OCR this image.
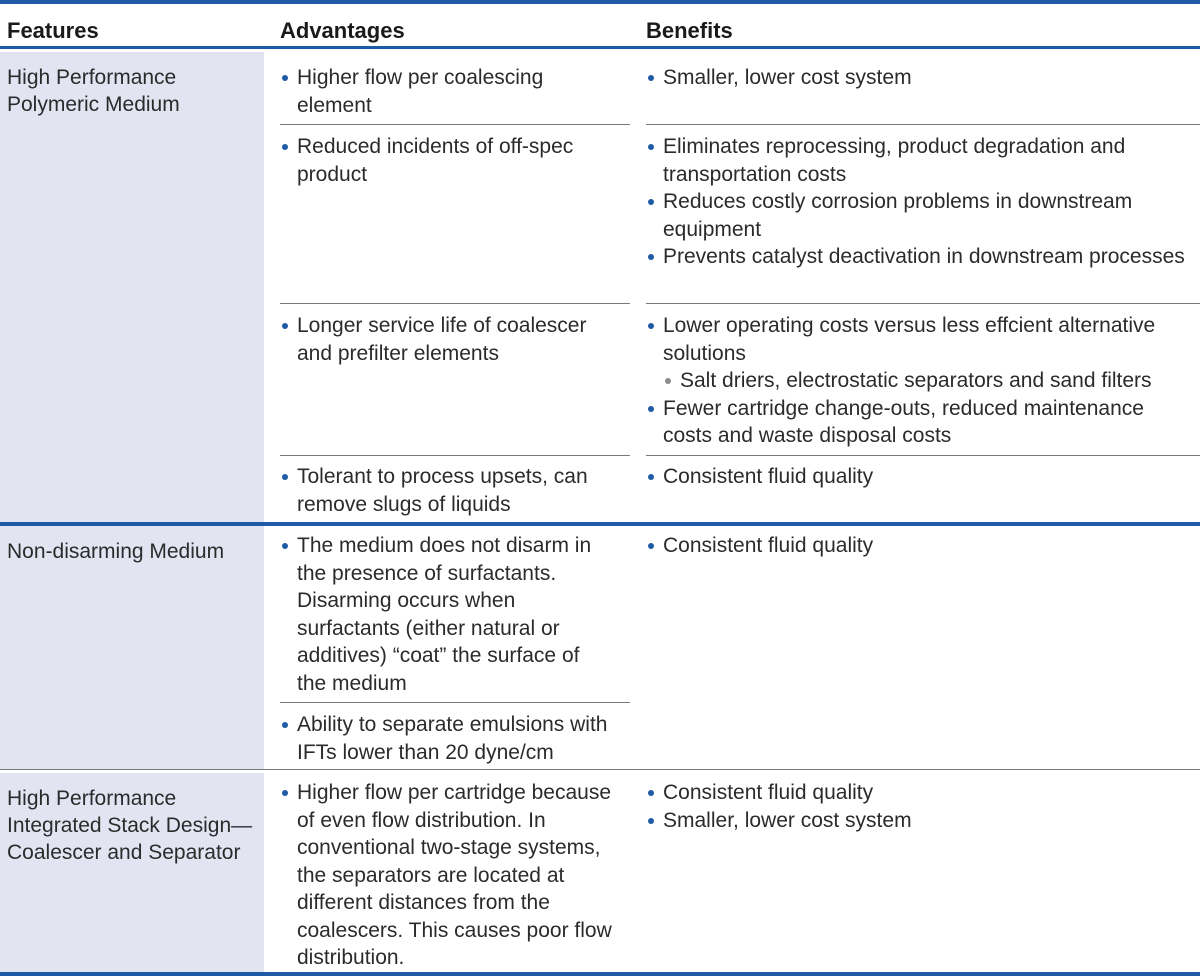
Features	Advantages	Benefits
High Performance
Polymeric Medium
Non-disarming Medium
High Performance
Integrated Stack Design—
Coalescer and Separator
Higher flow per coalescing element
Smaller, lower cost system
Reduced incidents of off-spec product
Eliminates reprocessing, product degradation and transportation costs
Reduces costly corrosion problems in downstream equipment
Prevents catalyst deactivation in downstream processes
Longer service life of coalescer and prefilter elements
Lower operating costs versus less effcient alternative solutions
Salt driers, electrostatic separators and sand filters
Fewer cartridge change-outs, reduced maintenance costs and waste disposal costs
Tolerant to process upsets, can remove slugs of liquids
Consistent fluid quality
The medium does not disarm in the presence of surfactants. Disarming occurs when surfactants (either natural or additives) “coat” the surface of the medium
Consistent fluid quality
Ability to separate emulsions with IFTs lower than 20 dyne/cm
Higher flow per cartridge because of even flow distribution. In conventional two-stage systems, the separators are located at different distances from the coalescers. This causes poor flow distribution.
Consistent fluid quality
Smaller, lower cost system
